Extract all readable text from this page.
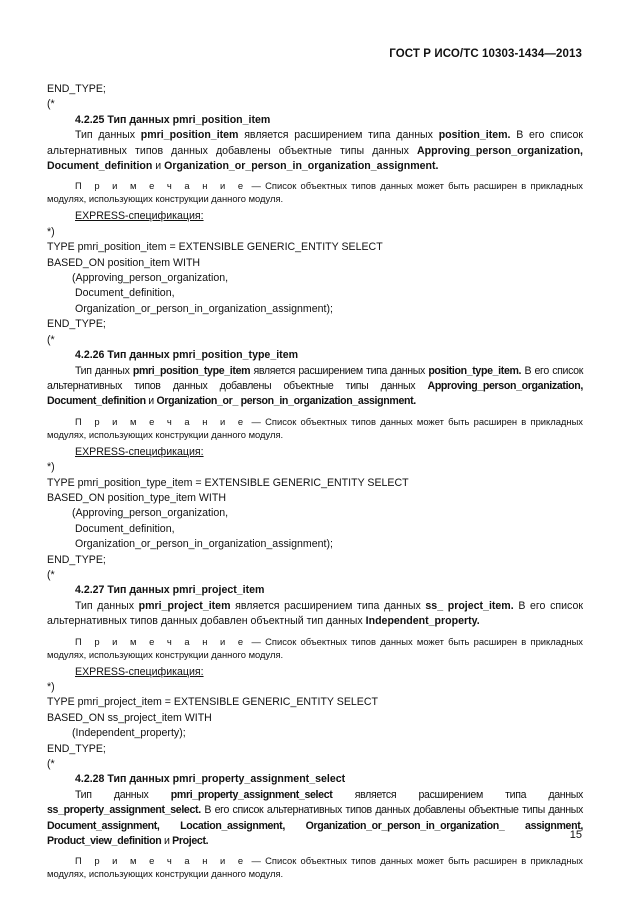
ГОСТ Р ИСО/ТС 10303-1434—2013
END_TYPE;
(*
4.2.25 Тип данных pmri_position_item

Тип данных pmri_position_item является расширением типа данных position_item. В его список альтернативных типов данных добавлены объектные типы данных Approving_person_organization, Document_definition и Organization_or_person_in_organization_assignment.

П р и м е ч а н и е — Список объектных типов данных может быть расширен в прикладных модулях, использующих конструкции данного модуля.

EXPRESS-спецификация:
*)
TYPE pmri_position_item = EXTENSIBLE GENERIC_ENTITY SELECT
BASED_ON position_item WITH
(Approving_person_organization,
Document_definition,
Organization_or_person_in_organization_assignment);
END_TYPE;
(*
4.2.26 Тип данных pmri_position_type_item

Тип данных pmri_position_type_item является расширением типа данных position_type_item. В его список альтернативных типов данных добавлены объектные типы данных Approving_person_organization, Document_definition и Organization_or_ person_in_organization_assignment.

П р и м е ч а н и е — Список объектных типов данных может быть расширен в прикладных модулях, использующих конструкции данного модуля.

EXPRESS-спецификация:
*)
TYPE pmri_position_type_item = EXTENSIBLE GENERIC_ENTITY SELECT
BASED_ON position_type_item WITH
(Approving_person_organization,
Document_definition,
Organization_or_person_in_organization_assignment);
END_TYPE;
(*
4.2.27 Тип данных pmri_project_item

Тип данных pmri_project_item является расширением типа данных ss_ project_item. В его список альтернативных типов данных добавлен объектный тип данных Independent_property.

П р и м е ч а н и е — Список объектных типов данных может быть расширен в прикладных модулях, использующих конструкции данного модуля.

EXPRESS-спецификация:
*)
TYPE pmri_project_item = EXTENSIBLE GENERIC_ENTITY SELECT
BASED_ON ss_project_item WITH
(Independent_property);
END_TYPE;
(*
4.2.28 Тип данных pmri_property_assignment_select

Тип данных pmri_property_assignment_select является расширением типа данных ss_property_assignment_select. В его список альтернативных типов данных добавлены объектные типы данных Document_assignment, Location_assignment, Organization_or_person_in_organization_ assignment, Product_view_definition и Project.

П р и м е ч а н и е — Список объектных типов данных может быть расширен в прикладных модулях, использующих конструкции данного модуля.

15
